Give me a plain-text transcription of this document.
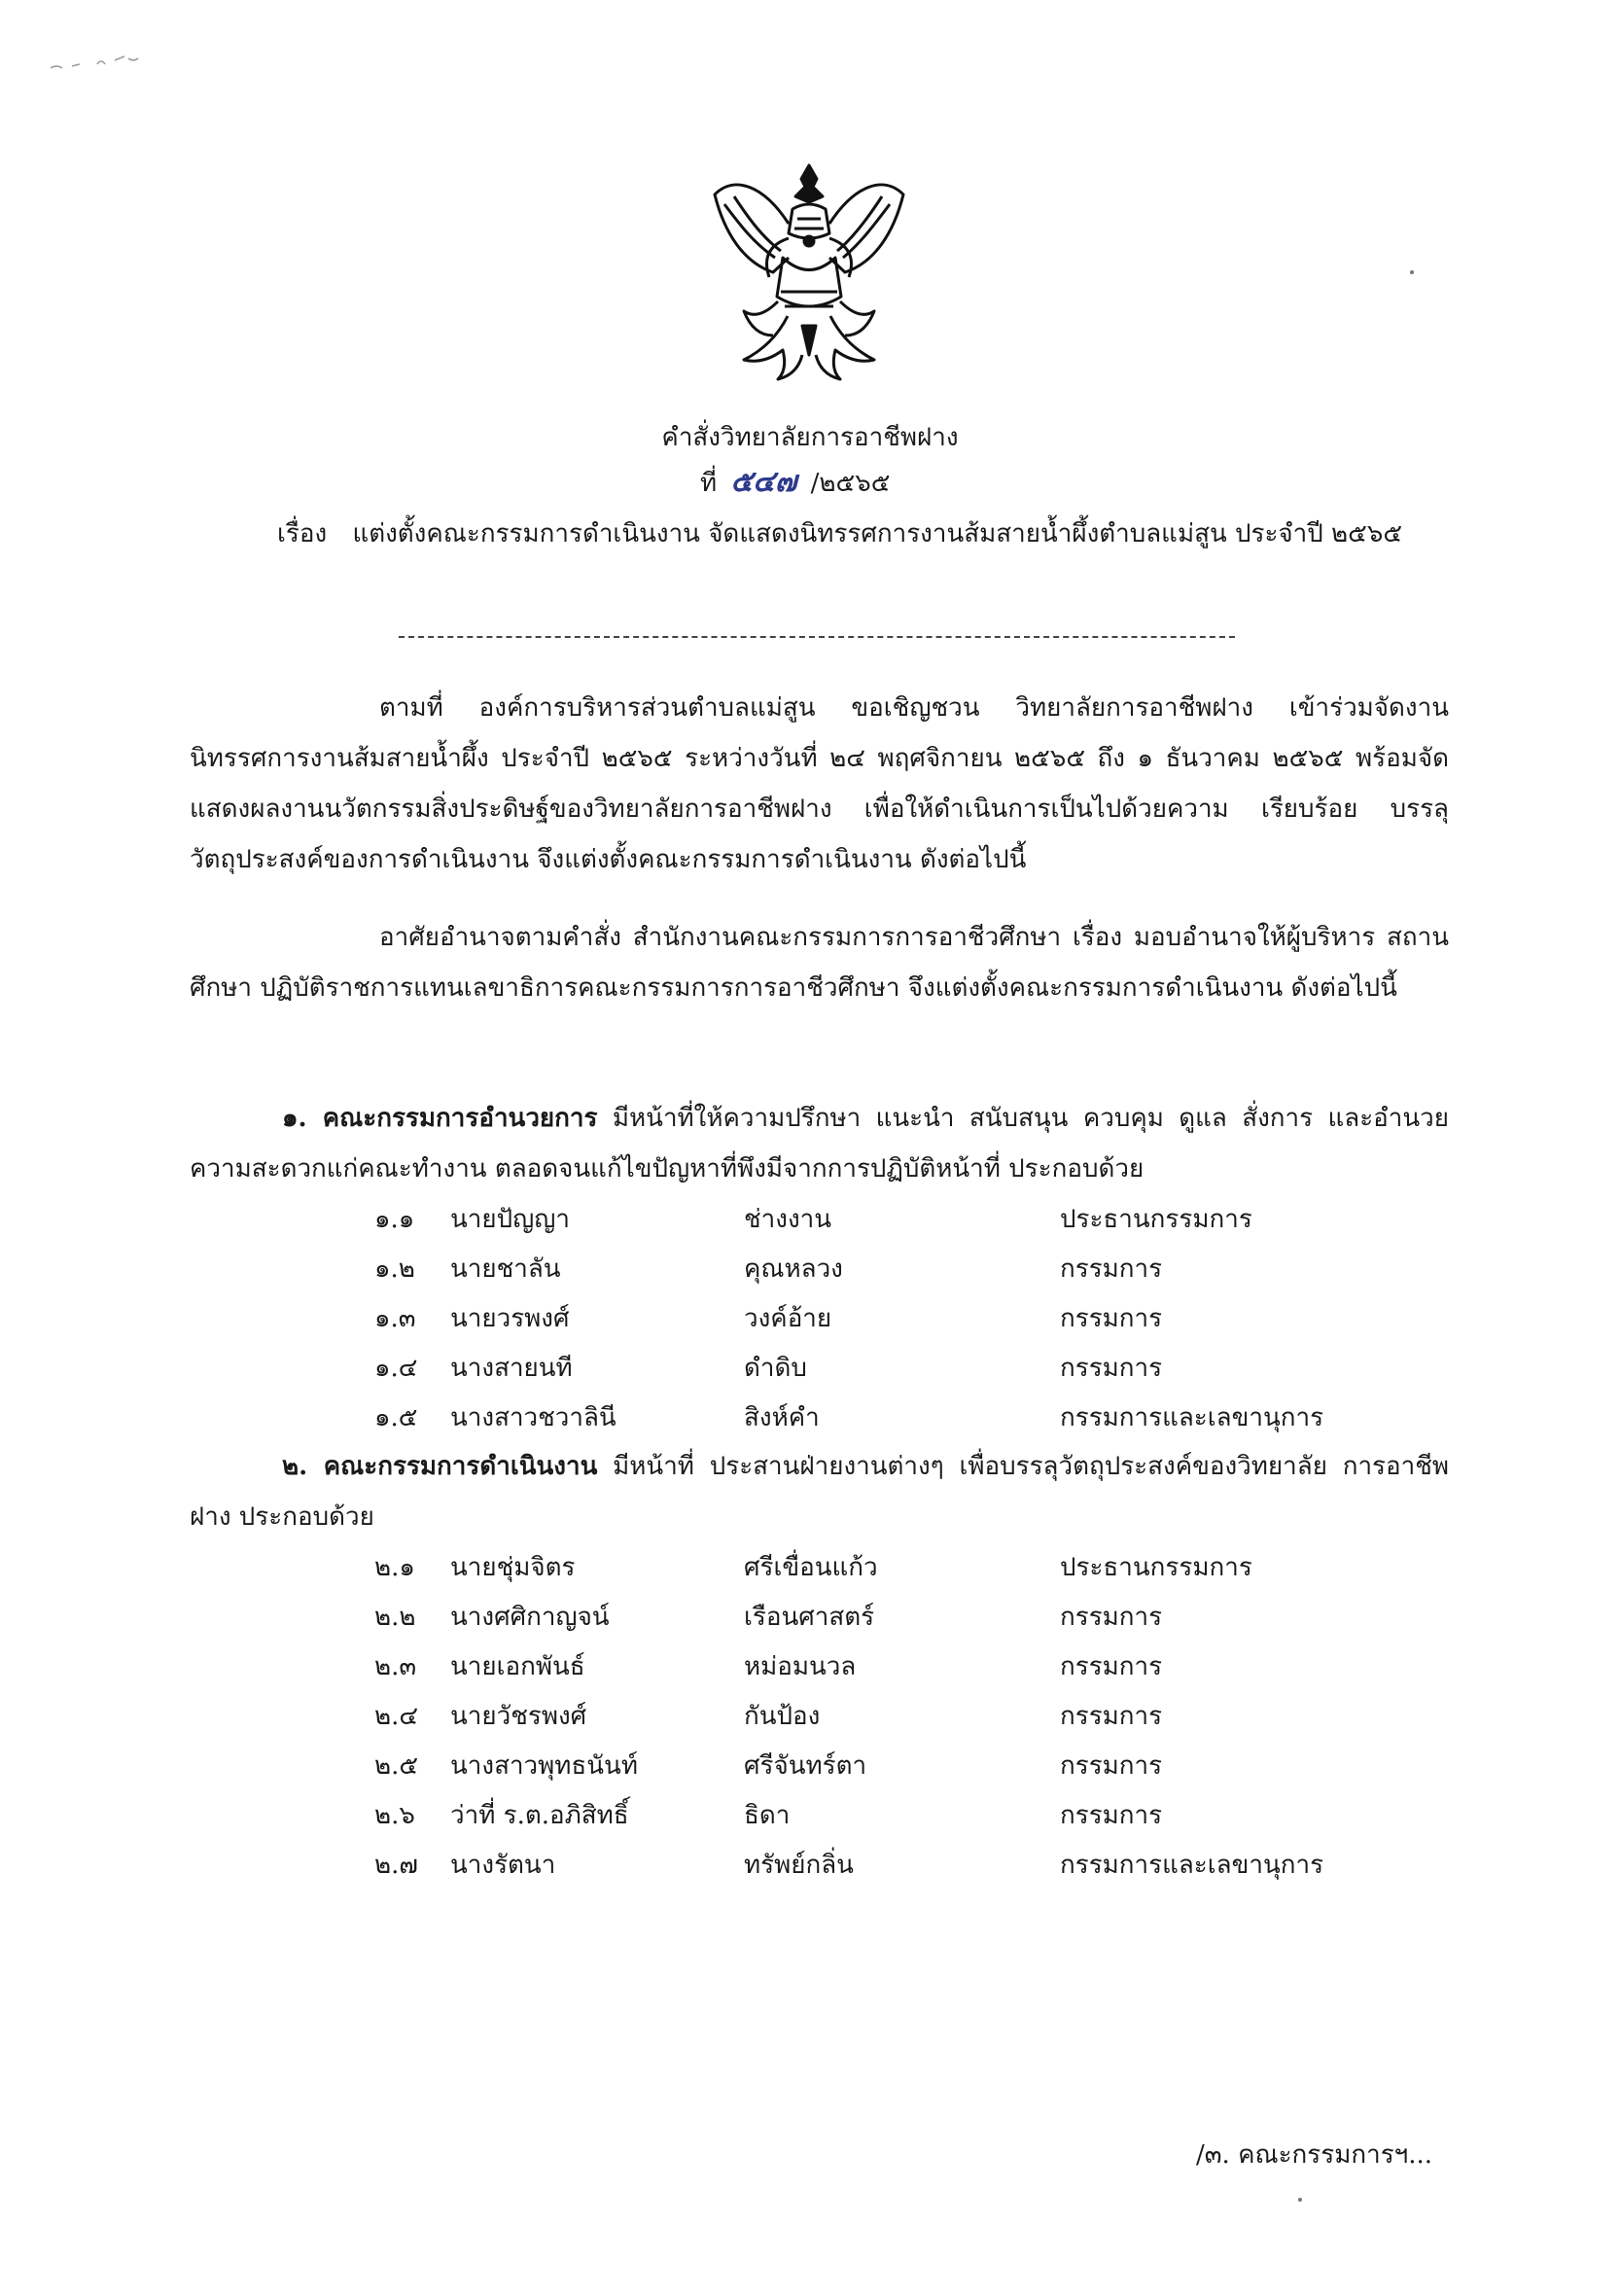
คำสั่งวิทยาลัยการอาชีพฝาง
ที่ ๕๔๗ /๒๕๖๕
เรื่อง แต่งตั้งคณะกรรมการดำเนินงาน จัดแสดงนิทรรศการงานส้มสายน้ำผึ้งตำบลแม่สูน ประจำปี ๒๕๖๕
ตามที่ องค์การบริหารส่วนตำบลแม่สูน ขอเชิญชวน วิทยาลัยการอาชีพฝาง เข้าร่วมจัดงาน นิทรรศการงานส้มสายน้ำผึ้ง ประจำปี ๒๕๖๕ ระหว่างวันที่ ๒๔ พฤศจิกายน ๒๕๖๕ ถึง ๑ ธันวาคม ๒๕๖๕ พร้อมจัดแสดงผลงานนวัตกรรมสิ่งประดิษฐ์ของวิทยาลัยการอาชีพฝาง เพื่อให้ดำเนินการเป็นไปด้วยความ เรียบร้อย บรรลุวัตถุประสงค์ของการดำเนินงาน จึงแต่งตั้งคณะกรรมการดำเนินงาน ดังต่อไปนี้
อาศัยอำนาจตามคำสั่ง สำนักงานคณะกรรมการการอาชีวศึกษา เรื่อง มอบอำนาจให้ผู้บริหาร สถานศึกษา ปฏิบัติราชการแทนเลขาธิการคณะกรรมการการอาชีวศึกษา จึงแต่งตั้งคณะกรรมการดำเนินงาน ดังต่อไปนี้
๑. คณะกรรมการอำนวยการ มีหน้าที่ให้ความปรึกษา แนะนำ สนับสนุน ควบคุม ดูแล สั่งการ และอำนวยความสะดวกแก่คณะทำงาน ตลอดจนแก้ไขปัญหาที่พึงมีจากการปฏิบัติหน้าที่ ประกอบด้วย
๑.๑ นายปัญญา	ช่างงาน	ประธานกรรมการ
๑.๒ นายชาลัน	คุณหลวง	กรรมการ
๑.๓ นายวรพงศ์	วงค์อ้าย	กรรมการ
๑.๔ นางสายนที	ดำดิบ	กรรมการ
๑.๕ นางสาวชวาลินี	สิงห์คำ	กรรมการและเลขานุการ
๒. คณะกรรมการดำเนินงาน มีหน้าที่ ประสานฝ่ายงานต่างๆ เพื่อบรรลุวัตถุประสงค์ของวิทยาลัย การอาชีพฝาง ประกอบด้วย
๒.๑ นายชุ่มจิตร	ศรีเขื่อนแก้ว	ประธานกรรมการ
๒.๒ นางศศิกาญจน์	เรือนศาสตร์	กรรมการ
๒.๓ นายเอกพันธ์	หม่อมนวล	กรรมการ
๒.๔ นายวัชรพงศ์	กันป้อง	กรรมการ
๒.๕ นางสาวพุทธนันท์	ศรีจันทร์ตา	กรรมการ
๒.๖ ว่าที่ ร.ต.อภิสิทธิ์	ธิดา	กรรมการ
๒.๗ นางรัตนา	ทรัพย์กลิ่น	กรรมการและเลขานุการ
/๓. คณะกรรมการฯ...
